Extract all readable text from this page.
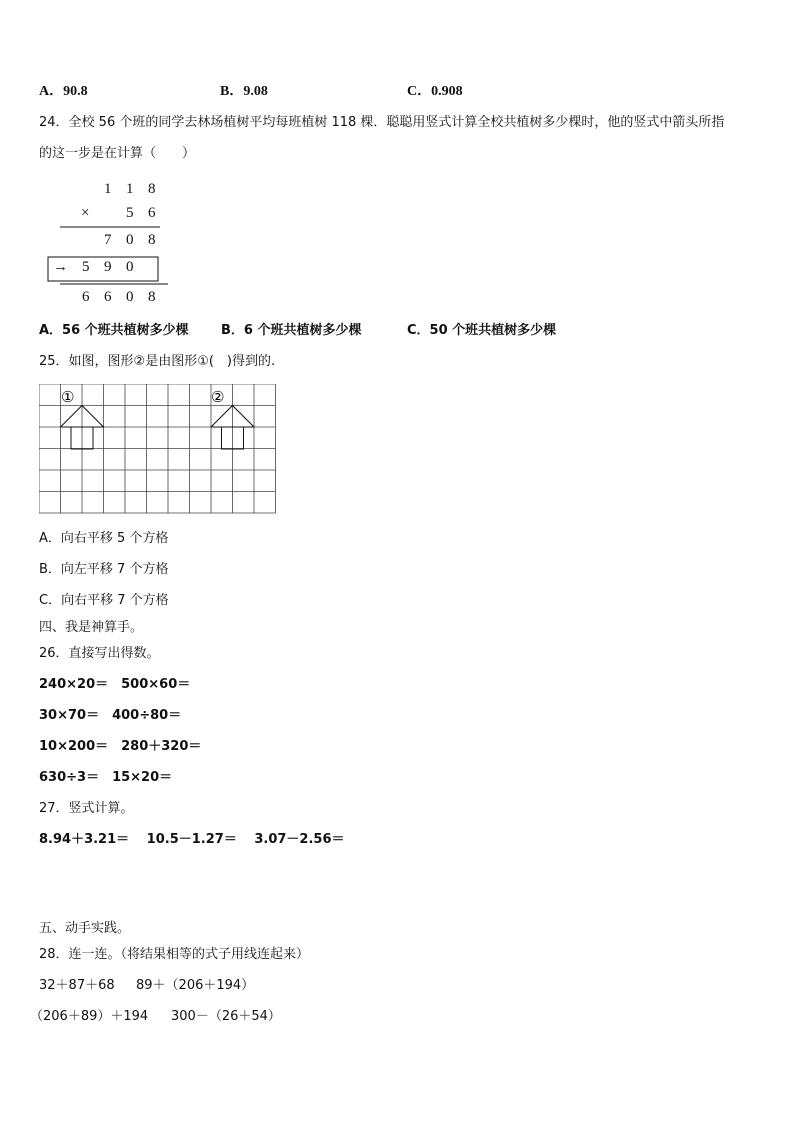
A．90.8	B．9.08	C．0.908
24．全校 56 个班的同学去林场植树平均每班植树 118 棵．聪聪用竖式计算全校共植树多少棵时，他的竖式中箭头所指
的这一步是在计算（　　）
1 1 8
× 5 6
7 0 8
→ 5 9 0
6 6 0 8
A．56 个班共植树多少棵 B．6 个班共植树多少棵	C．50 个班共植树多少棵
25．如图，图形②是由图形①(　)得到的.
①	②
A．向右平移 5 个方格
B．向左平移 7 个方格
C．向右平移 7 个方格
四、我是神算手。
26．直接写出得数。
240×20＝　500×60＝
30×70＝　400÷80＝
10×200＝　280＋320＝
630÷3＝　15×20＝
27．竖式计算。
8.94＋3.21＝　 10.5－1.27＝　 3.07－2.56＝
五、动手实践。
28．连一连。（将结果相等的式子用线连起来）
32＋87＋68 89＋（206＋194）
（206＋89）＋194 300－（26＋54）
